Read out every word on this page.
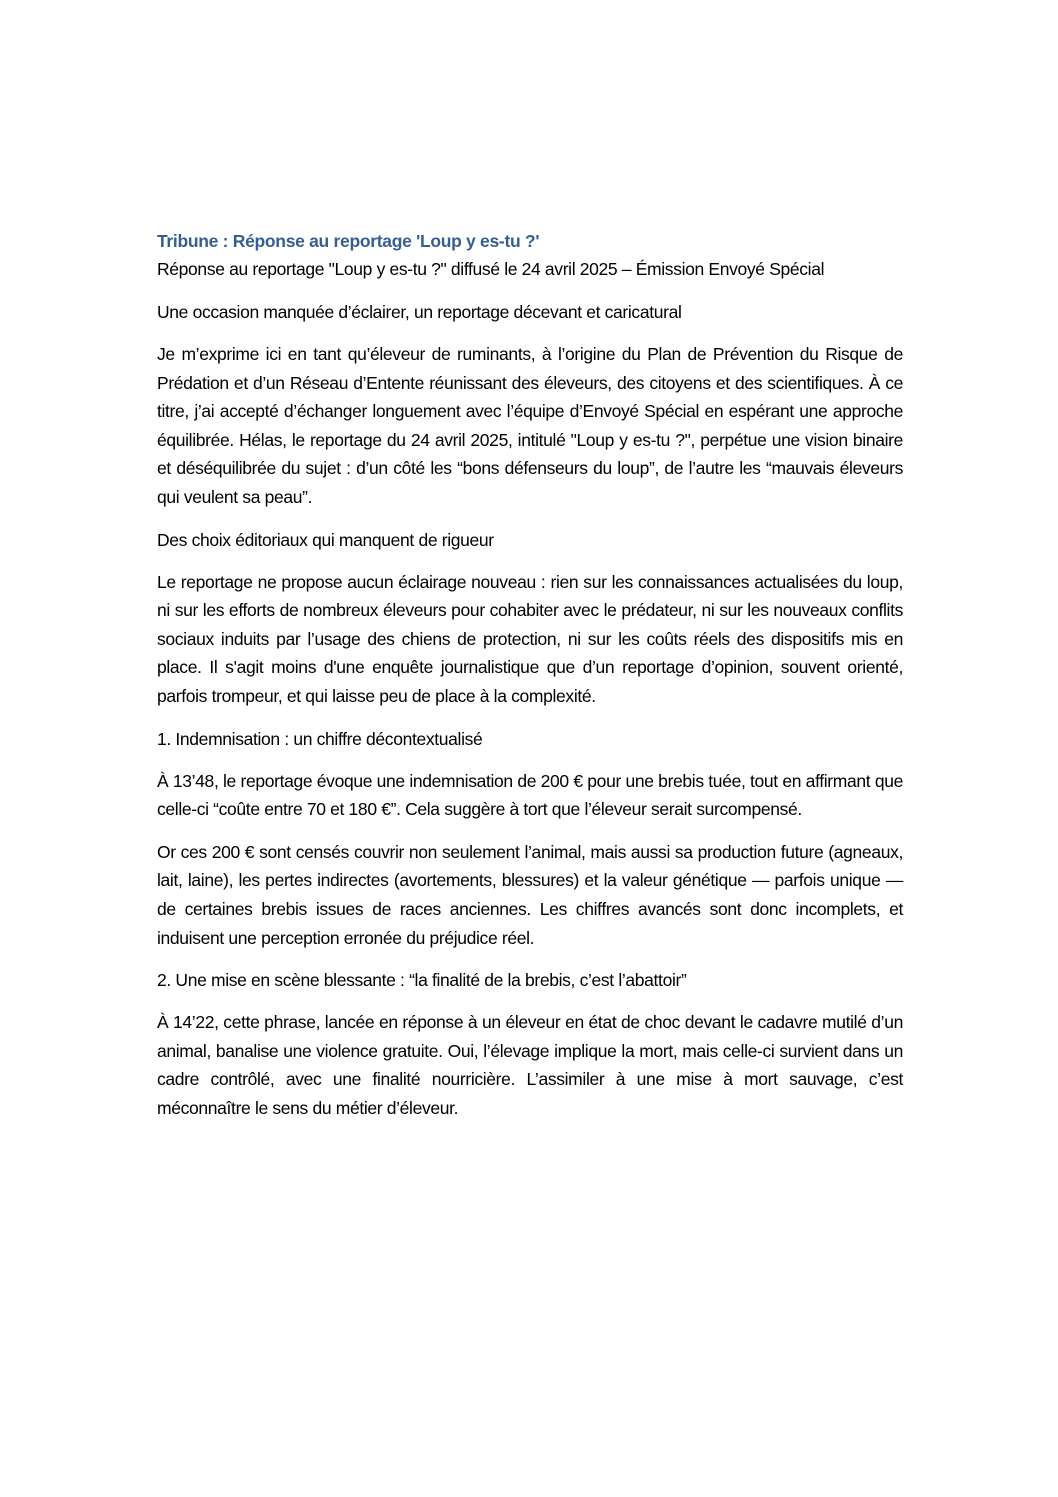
Tribune : Réponse au reportage 'Loup y es-tu ?'

Réponse au reportage "Loup y es-tu ?" diffusé le 24 avril 2025 – Émission Envoyé Spécial

Une occasion manquée d’éclairer, un reportage décevant et caricatural

Je m’exprime ici en tant qu’éleveur de ruminants, à l’origine du Plan de Prévention du Risque de Prédation et d’un Réseau d’Entente réunissant des éleveurs, des citoyens et des scientifiques. À ce titre, j’ai accepté d’échanger longuement avec l’équipe d’Envoyé Spécial en espérant une approche équilibrée. Hélas, le reportage du 24 avril 2025, intitulé "Loup y es-tu ?", perpétue une vision binaire et déséquilibrée du sujet : d’un côté les “bons défenseurs du loup”, de l’autre les “mauvais éleveurs qui veulent sa peau”.

Des choix éditoriaux qui manquent de rigueur

Le reportage ne propose aucun éclairage nouveau : rien sur les connaissances actualisées du loup, ni sur les efforts de nombreux éleveurs pour cohabiter avec le prédateur, ni sur les nouveaux conflits sociaux induits par l’usage des chiens de protection, ni sur les coûts réels des dispositifs mis en place. Il s'agit moins d'une enquête journalistique que d’un reportage d’opinion, souvent orienté, parfois trompeur, et qui laisse peu de place à la complexité.

1. Indemnisation : un chiffre décontextualisé

À 13’48, le reportage évoque une indemnisation de 200 € pour une brebis tuée, tout en affirmant que celle-ci “coûte entre 70 et 180 €”. Cela suggère à tort que l’éleveur serait surcompensé.

Or ces 200 € sont censés couvrir non seulement l’animal, mais aussi sa production future (agneaux, lait, laine), les pertes indirectes (avortements, blessures) et la valeur génétique — parfois unique — de certaines brebis issues de races anciennes. Les chiffres avancés sont donc incomplets, et induisent une perception erronée du préjudice réel.

2. Une mise en scène blessante : “la finalité de la brebis, c’est l’abattoir”

À 14’22, cette phrase, lancée en réponse à un éleveur en état de choc devant le cadavre mutilé d’un animal, banalise une violence gratuite. Oui, l’élevage implique la mort, mais celle-ci survient dans un cadre contrôlé, avec une finalité nourricière. L’assimiler à une mise à mort sauvage, c’est méconnaître le sens du métier d’éleveur.
